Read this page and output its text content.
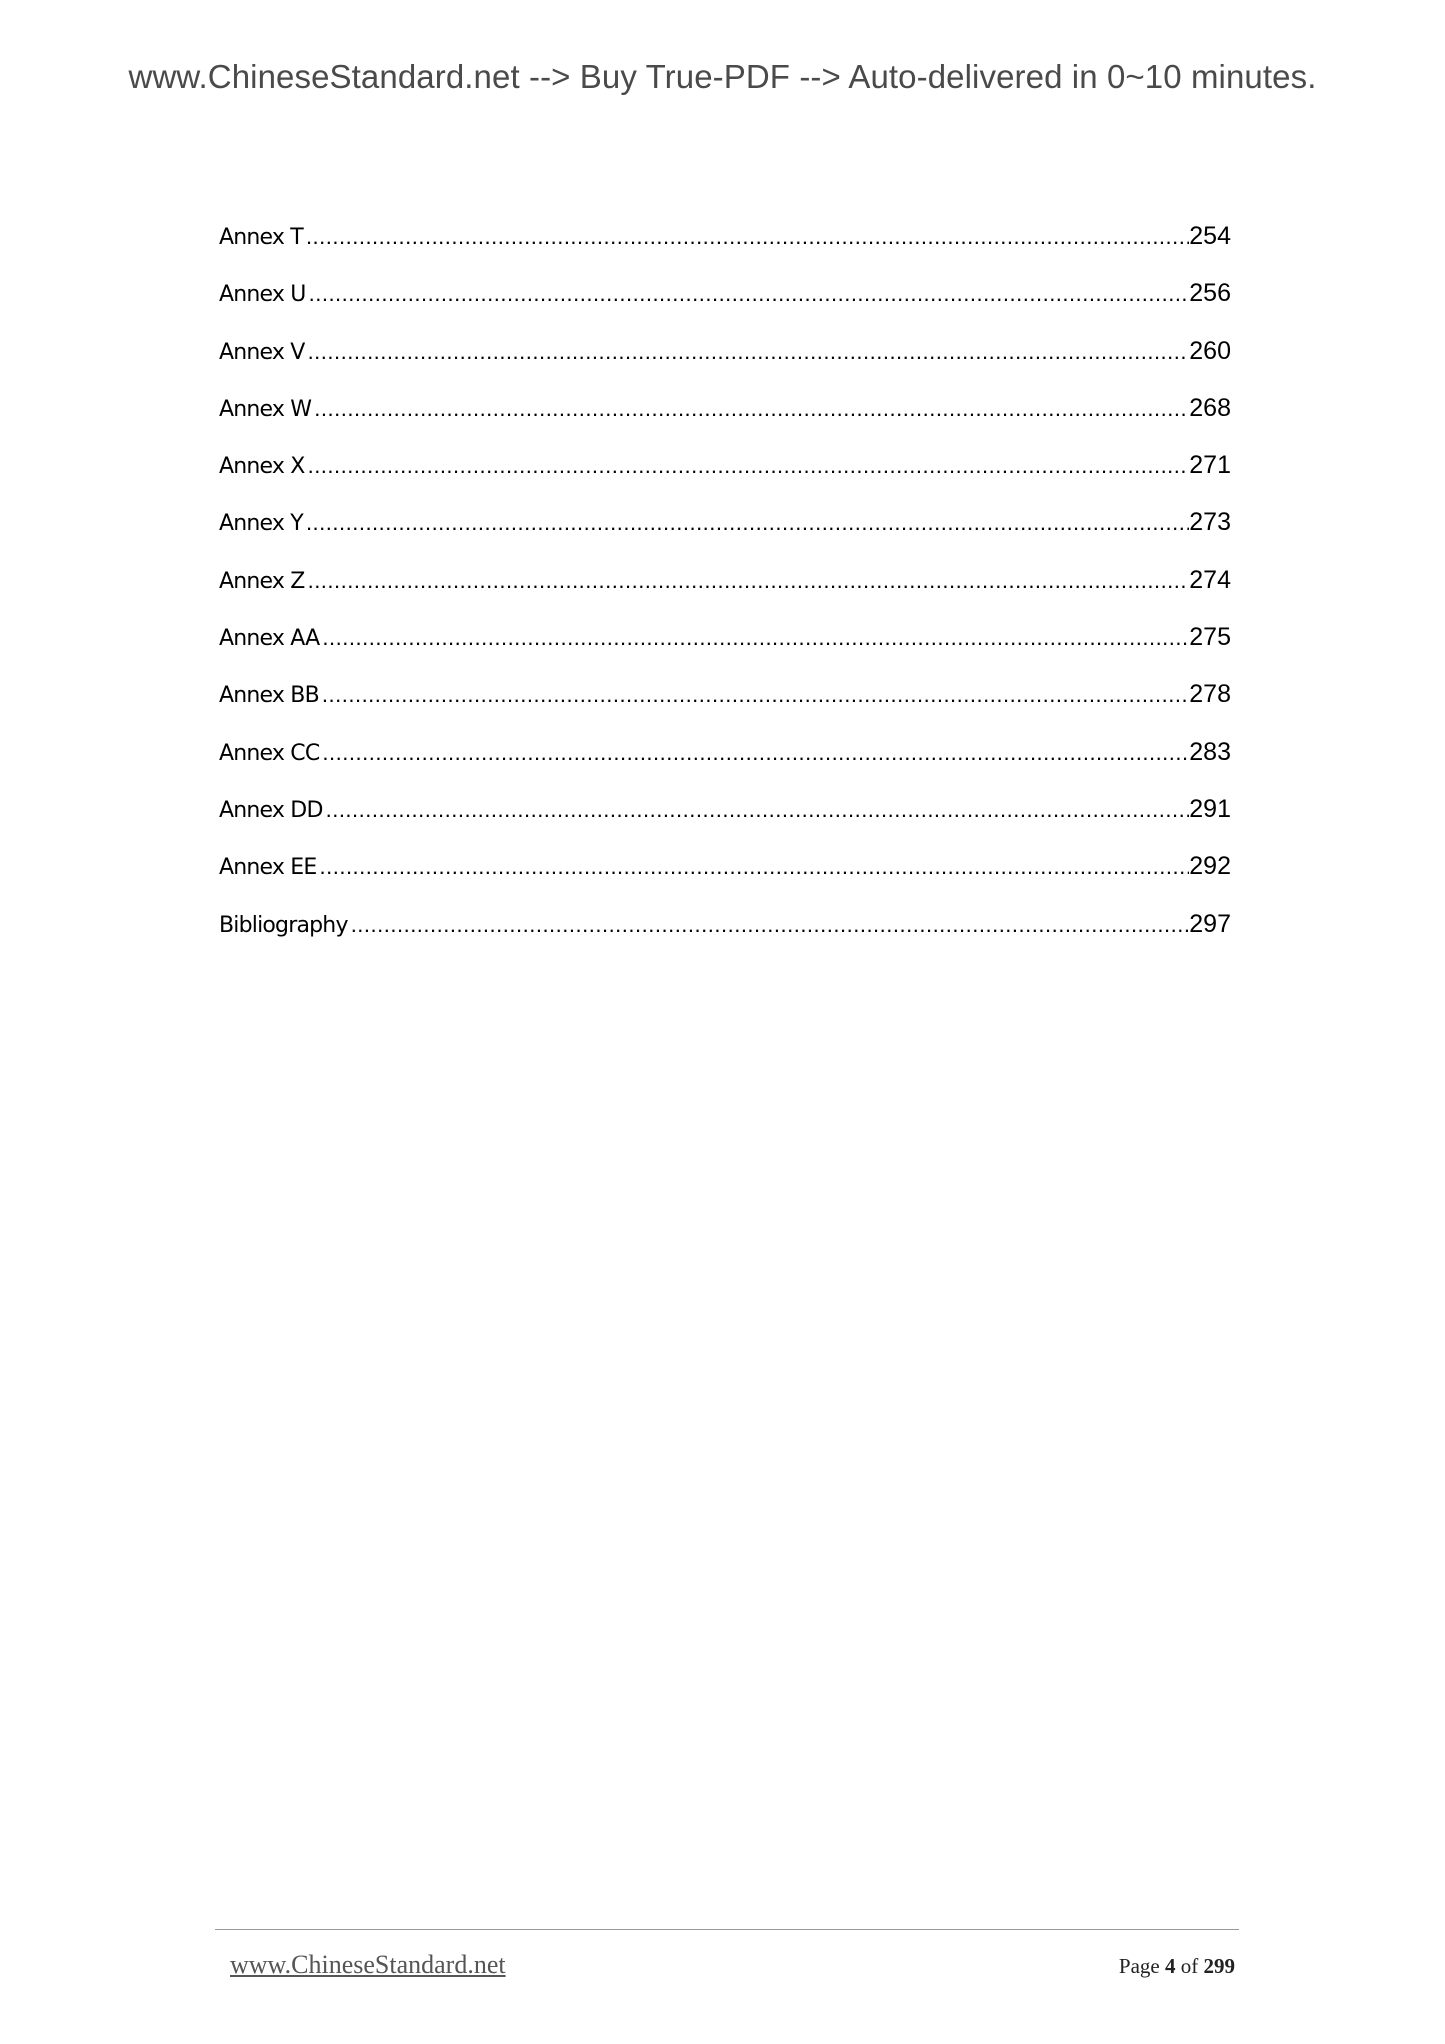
www.ChineseStandard.net --> Buy True-PDF --> Auto-delivered in 0~10 minutes.
Annex T .....	254
Annex U .....	256
Annex V .....	260
Annex W .....	268
Annex X .....	271
Annex Y .....	273
Annex Z .....	274
Annex AA .....	275
Annex BB .....	278
Annex CC .....	283
Annex DD .....	291
Annex EE .....	292
Bibliography .....	297
www.ChineseStandard.net	Page 4 of 299
